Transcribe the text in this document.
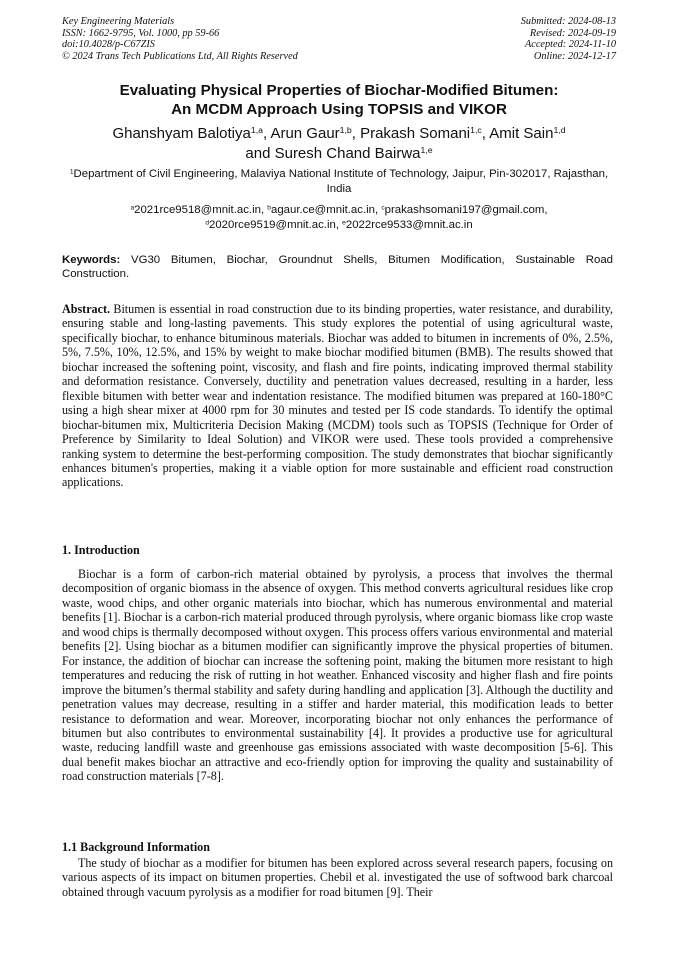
Key Engineering Materials
ISSN: 1662-9795, Vol. 1000, pp 59-66
doi:10.4028/p-C67ZIS
© 2024 Trans Tech Publications Ltd, All Rights Reserved
Submitted: 2024-08-13
Revised: 2024-09-19
Accepted: 2024-11-10
Online: 2024-12-17
Evaluating Physical Properties of Biochar-Modified Bitumen:
An MCDM Approach Using TOPSIS and VIKOR
Ghanshyam Balotiya$^{1,a}$, Arun Gaur$^{1,b}$, Prakash Somani$^{1,c}$, Amit Sain$^{1,d}$
and Suresh Chand Bairwa$^{1,e}$
$^1$Department of Civil Engineering, Malaviya National Institute of Technology, Jaipur, Pin-302017, Rajasthan, India
$^a$2021rce9518@mnit.ac.in, $^b$agaur.ce@mnit.ac.in, $^c$prakashsomani197@gmail.com,
$^d$2020rce9519@mnit.ac.in, $^e$2022rce9533@mnit.ac.in
Keywords: VG30 Bitumen, Biochar, Groundnut Shells, Bitumen Modification, Sustainable Road Construction.
Abstract. Bitumen is essential in road construction due to its binding properties, water resistance, and durability, ensuring stable and long-lasting pavements. This study explores the potential of using agricultural waste, specifically biochar, to enhance bituminous materials. Biochar was added to bitumen in increments of 0%, 2.5%, 5%, 7.5%, 10%, 12.5%, and 15% by weight to make biochar modified bitumen (BMB). The results showed that biochar increased the softening point, viscosity, and flash and fire points, indicating improved thermal stability and deformation resistance. Conversely, ductility and penetration values decreased, resulting in a harder, less flexible bitumen with better wear and indentation resistance. The modified bitumen was prepared at 160-180°C using a high shear mixer at 4000 rpm for 30 minutes and tested per IS code standards. To identify the optimal biochar-bitumen mix, Multicriteria Decision Making (MCDM) tools such as TOPSIS (Technique for Order of Preference by Similarity to Ideal Solution) and VIKOR were used. These tools provided a comprehensive ranking system to determine the best-performing composition. The study demonstrates that biochar significantly enhances bitumen's properties, making it a viable option for more sustainable and efficient road construction applications.
1. Introduction

Biochar is a form of carbon-rich material obtained by pyrolysis, a process that involves the thermal decomposition of organic biomass in the absence of oxygen. This method converts agricultural residues like crop waste, wood chips, and other organic materials into biochar, which has numerous environmental and material benefits [1]. Biochar is a carbon-rich material produced through pyrolysis, where organic biomass like crop waste and wood chips is thermally decomposed without oxygen. This process offers various environmental and material benefits [2]. Using biochar as a bitumen modifier can significantly improve the physical properties of bitumen. For instance, the addition of biochar can increase the softening point, making the bitumen more resistant to high temperatures and reducing the risk of rutting in hot weather. Enhanced viscosity and higher flash and fire points improve the bitumen’s thermal stability and safety during handling and application [3]. Although the ductility and penetration values may decrease, resulting in a stiffer and harder material, this modification leads to better resistance to deformation and wear. Moreover, incorporating biochar not only enhances the performance of bitumen but also contributes to environmental sustainability [4]. It provides a productive use for agricultural waste, reducing landfill waste and greenhouse gas emissions associated with waste decomposition [5-6]. This dual benefit makes biochar an attractive and eco-friendly option for improving the quality and sustainability of road construction materials [7-8].

1.1 Background Information

The study of biochar as a modifier for bitumen has been explored across several research papers, focusing on various aspects of its impact on bitumen properties. Chebil et al. investigated the use of softwood bark charcoal obtained through vacuum pyrolysis as a modifier for road bitumen [9]. Their
